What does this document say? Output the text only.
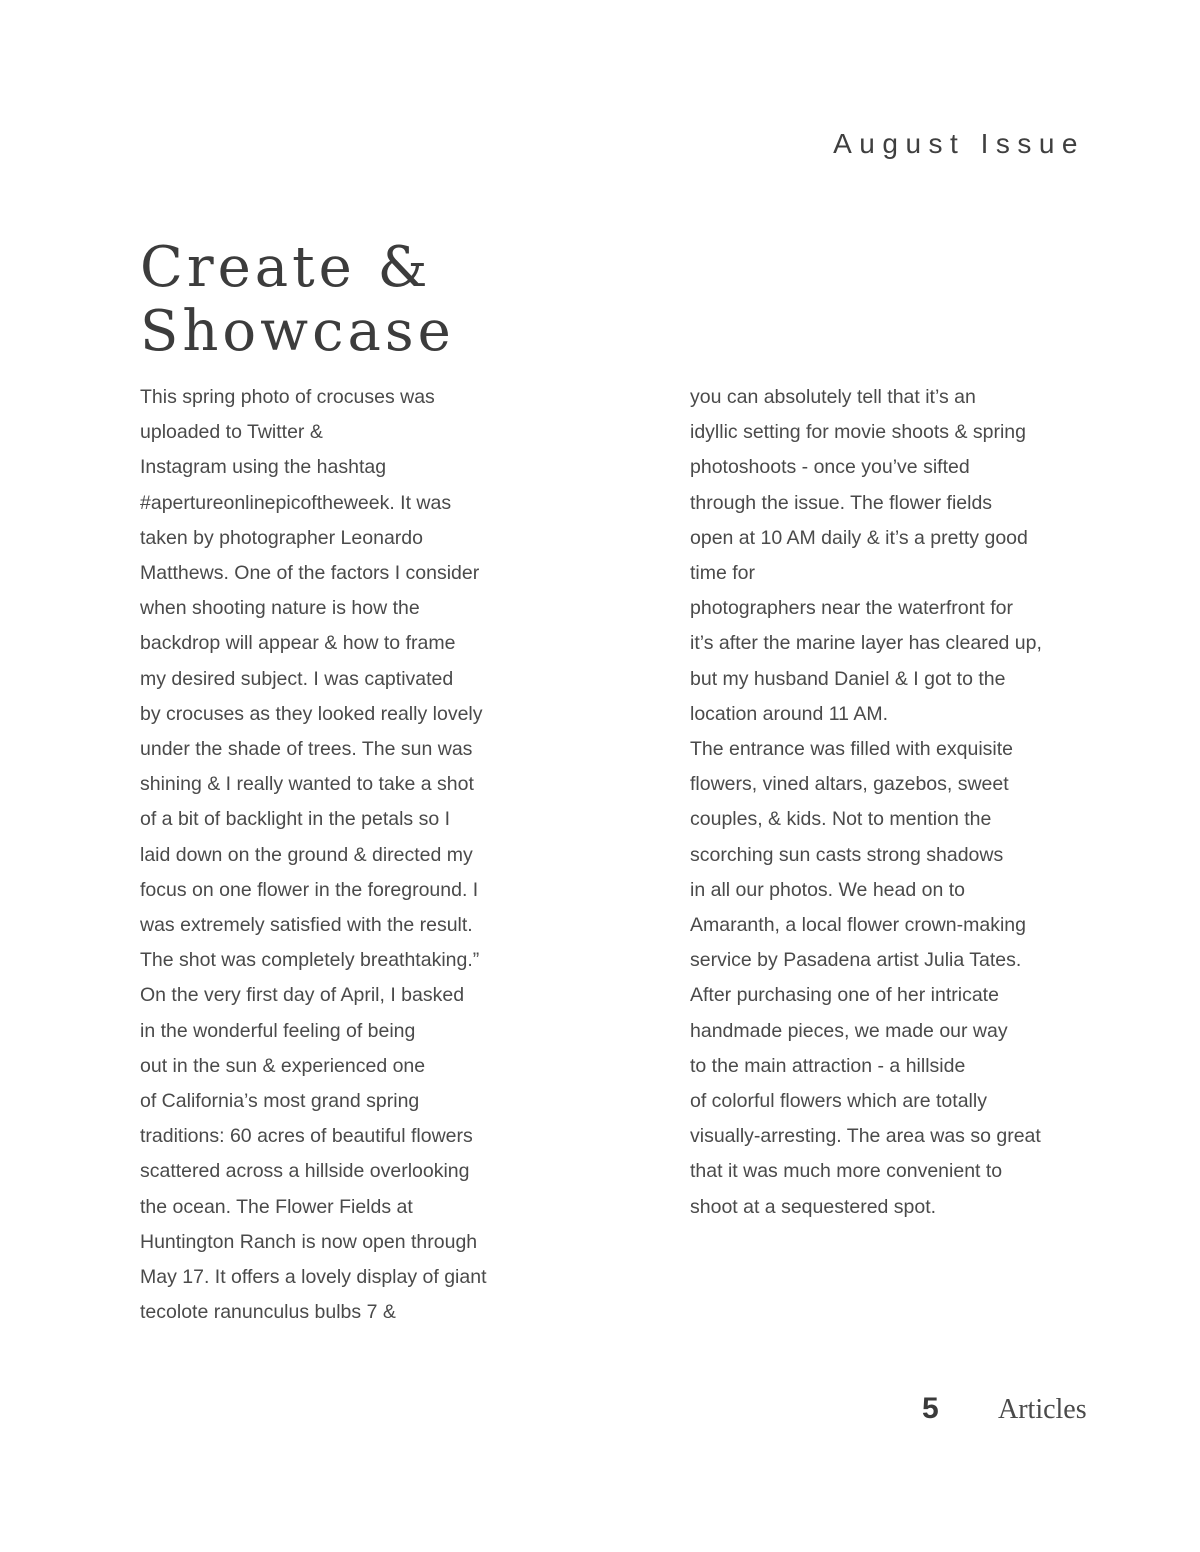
August Issue
Create &
Showcase
This spring photo of crocuses was
uploaded to Twitter &
Instagram using the hashtag
#apertureonlinepicoftheweek. It was
taken by photographer Leonardo
Matthews. One of the factors I consider
when shooting nature is how the
backdrop will appear & how to frame
my desired subject. I was captivated
by crocuses as they looked really lovely
under the shade of trees. The sun was
shining & I really wanted to take a shot
of a bit of backlight in the petals so I
laid down on the ground & directed my
focus on one flower in the foreground. I
was extremely satisfied with the result.
The shot was completely breathtaking.”
On the very first day of April, I basked
in the wonderful feeling of being
out in the sun & experienced one
of California’s most grand spring
traditions: 60 acres of beautiful flowers
scattered across a hillside overlooking
the ocean. The Flower Fields at
Huntington Ranch is now open through
May 17. It offers a lovely display of giant
tecolote ranunculus bulbs 7 &
you can absolutely tell that it’s an
idyllic setting for movie shoots & spring
photoshoots - once you’ve sifted
through the issue. The flower fields
open at 10 AM daily & it’s a pretty good
time for
photographers near the waterfront for
it’s after the marine layer has cleared up,
but my husband Daniel & I got to the
location around 11 AM.
The entrance was filled with exquisite
flowers, vined altars, gazebos, sweet
couples, & kids. Not to mention the
scorching sun casts strong shadows
in all our photos. We head on to
Amaranth, a local flower crown-making
service by Pasadena artist Julia Tates.
After purchasing one of her intricate
handmade pieces, we made our way
to the main attraction - a hillside
of colorful flowers which are totally
visually-arresting. The area was so great
that it was much more convenient to
shoot at a sequestered spot.
5 Articles
